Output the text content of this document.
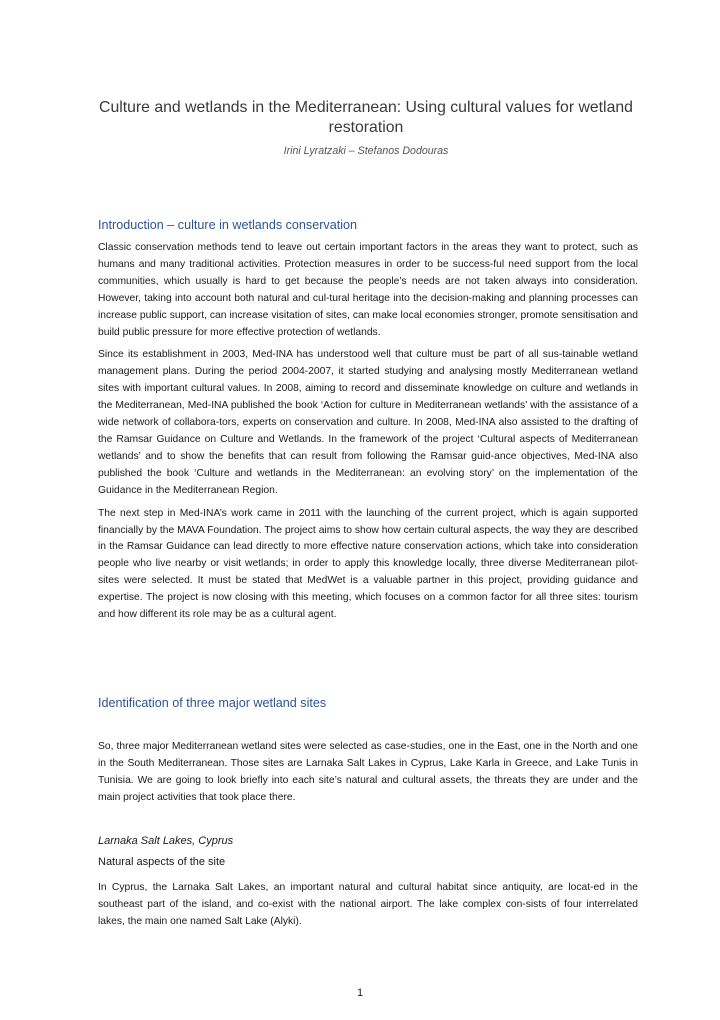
Culture and wetlands in the Mediterranean: Using cultural values for wetland restoration
Irini Lyratzaki – Stefanos Dodouras
Introduction – culture in wetlands conservation

Classic conservation methods tend to leave out certain important factors in the areas they want to protect, such as humans and many traditional activities. Protection measures in order to be success-ful need support from the local communities, which usually is hard to get because the people’s needs are not taken always into consideration. However, taking into account both natural and cul-tural heritage into the decision-making and planning processes can increase public support, can increase visitation of sites, can make local economies stronger, promote sensitisation and build public pressure for more effective protection of wetlands.

Since its establishment in 2003, Med-INA has understood well that culture must be part of all sus-tainable wetland management plans. During the period 2004-2007, it started studying and analysing mostly Mediterranean wetland sites with important cultural values. In 2008, aiming to record and disseminate knowledge on culture and wetlands in the Mediterranean, Med-INA published the book ‘Action for culture in Mediterranean wetlands’ with the assistance of a wide network of collabora-tors, experts on conservation and culture. In 2008, Med-INA also assisted to the drafting of the Ramsar Guidance on Culture and Wetlands. In the framework of the project ‘Cultural aspects of Mediterranean wetlands’ and to show the benefits that can result from following the Ramsar guid-ance objectives, Med-INA also published the book ‘Culture and wetlands in the Mediterranean: an evolving story’ on the implementation of the Guidance in the Mediterranean Region.

The next step in Med-INA’s work came in 2011 with the launching of the current project, which is again supported financially by the MAVA Foundation. The project aims to show how certain cultural aspects, the way they are described in the Ramsar Guidance can lead directly to more effective nature conservation actions, which take into consideration people who live nearby or visit wetlands; in order to apply this knowledge locally, three diverse Mediterranean pilot-sites were selected. It must be stated that MedWet is a valuable partner in this project, providing guidance and expertise. The project is now closing with this meeting, which focuses on a common factor for all three sites: tourism and how different its role may be as a cultural agent.

Identification of three major wetland sites

So, three major Mediterranean wetland sites were selected as case-studies, one in the East, one in the North and one in the South Mediterranean. Those sites are Larnaka Salt Lakes in Cyprus, Lake Karla in Greece, and Lake Tunis in Tunisia. We are going to look briefly into each site’s natural and cultural assets, the threats they are under and the main project activities that took place there.

Larnaka Salt Lakes, Cyprus
Natural aspects of the site

In Cyprus, the Larnaka Salt Lakes, an important natural and cultural habitat since antiquity, are locat-ed in the southeast part of the island, and co-exist with the national airport. The lake complex con-sists of four interrelated lakes, the main one named Salt Lake (Alyki).

1
